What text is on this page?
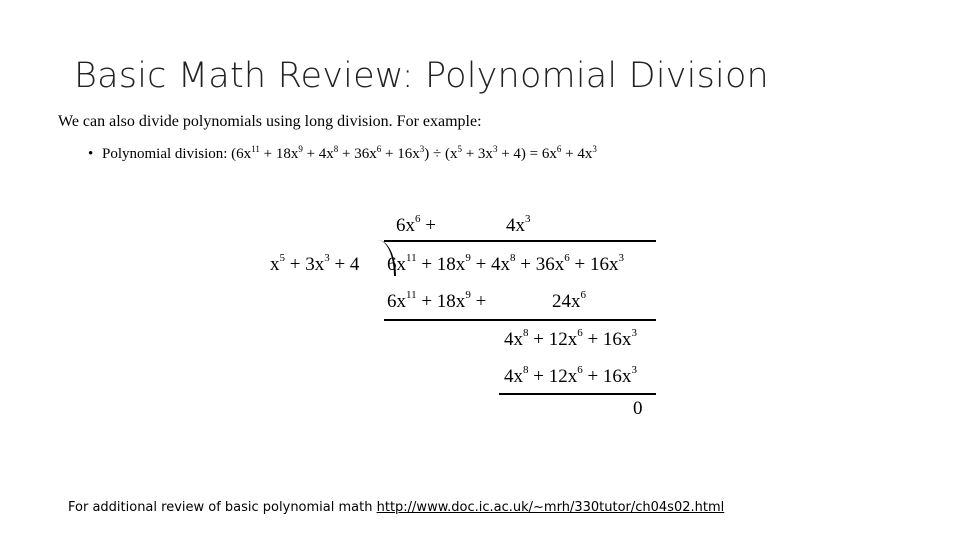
Basic Math Review: Polynomial Division
We can also divide polynomials using long division. For example:
• Polynomial division: $(6x^{11} + 18x^9 + 4x^8 + 36x^6 + 16x^3) \div (x^5 + 3x^3 + 4) = 6x^6 + 4x^3$
$6x^6$ +	$4x^3$
$x^5 + 3x^3 + 4$ $6x^{11} + 18x^9 + 4x^8 + 36x^6 + 16x^3$
$6x^{11} + 18x^9$ +	$24x^6$
$4x^8 + 12x^6 + 16x^3$
$4x^8 + 12x^6 + 16x^3$
0
For additional review of basic polynomial math http://www.doc.ic.ac.uk/~mrh/330tutor/ch04s02.html
